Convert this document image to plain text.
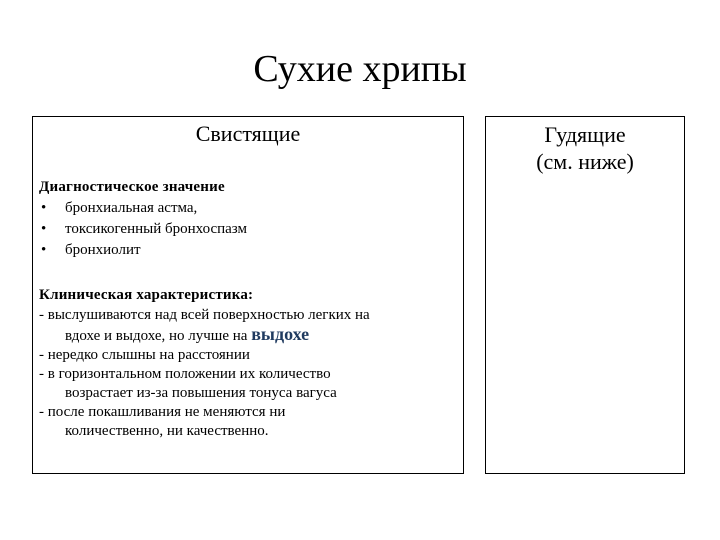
Сухие хрипы
Свистящие
Диагностическое значение
•	бронхиальная астма,
•	токсикогенный бронхоспазм
•	бронхиолит
Клиническая характеристика:
- выслушиваются над всей поверхностью легких на
вдохе и выдохе, но лучше на выдохе
- нередко слышны на расстоянии
- в горизонтальном положении их количество
возрастает из-за повышения тонуса вагуса
- после покашливания не меняются ни
количественно, ни качественно.
Гудящие
(см. ниже)
